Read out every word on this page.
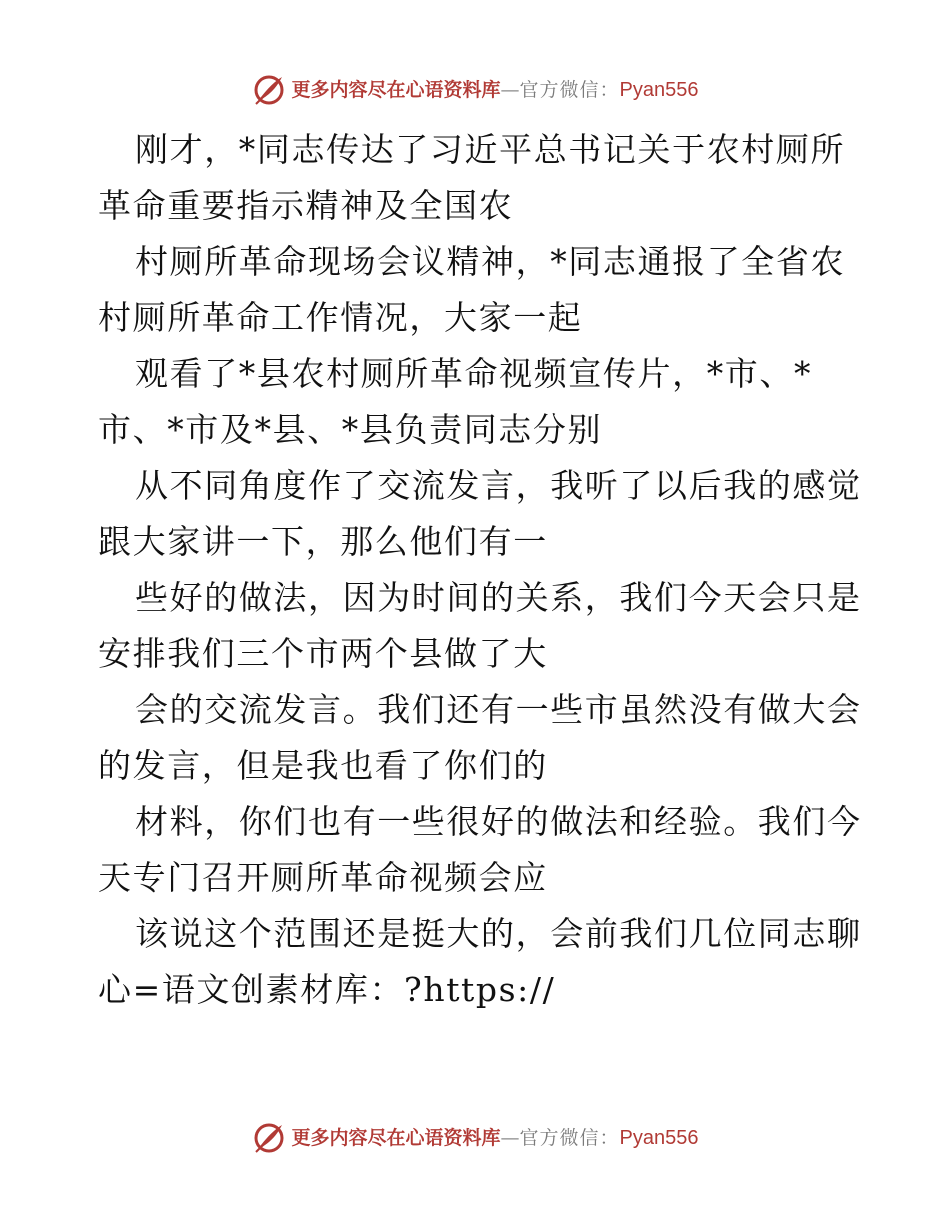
更多内容尽在心语资料库 — 官方微信： Pyan556
刚才，*同志传达了习近平总书记关于农村厕所
革命重要指示精神及全国农
村厕所革命现场会议精神，*同志通报了全省农
村厕所革命工作情况，大家一起
观看了*县农村厕所革命视频宣传片，*市、*
市、*市及*县、*县负责同志分别
从不同角度作了交流发言，我听了以后我的感觉
跟大家讲一下，那么他们有一
些好的做法，因为时间的关系，我们今天会只是
安排我们三个市两个县做了大
会的交流发言。我们还有一些市虽然没有做大会
的发言，但是我也看了你们的
材料，你们也有一些很好的做法和经验。我们今
天专门召开厕所革命视频会应
该说这个范围还是挺大的，会前我们几位同志聊
心=语文创素材库：?https://
更多内容尽在心语资料库 — 官方微信： Pyan556
